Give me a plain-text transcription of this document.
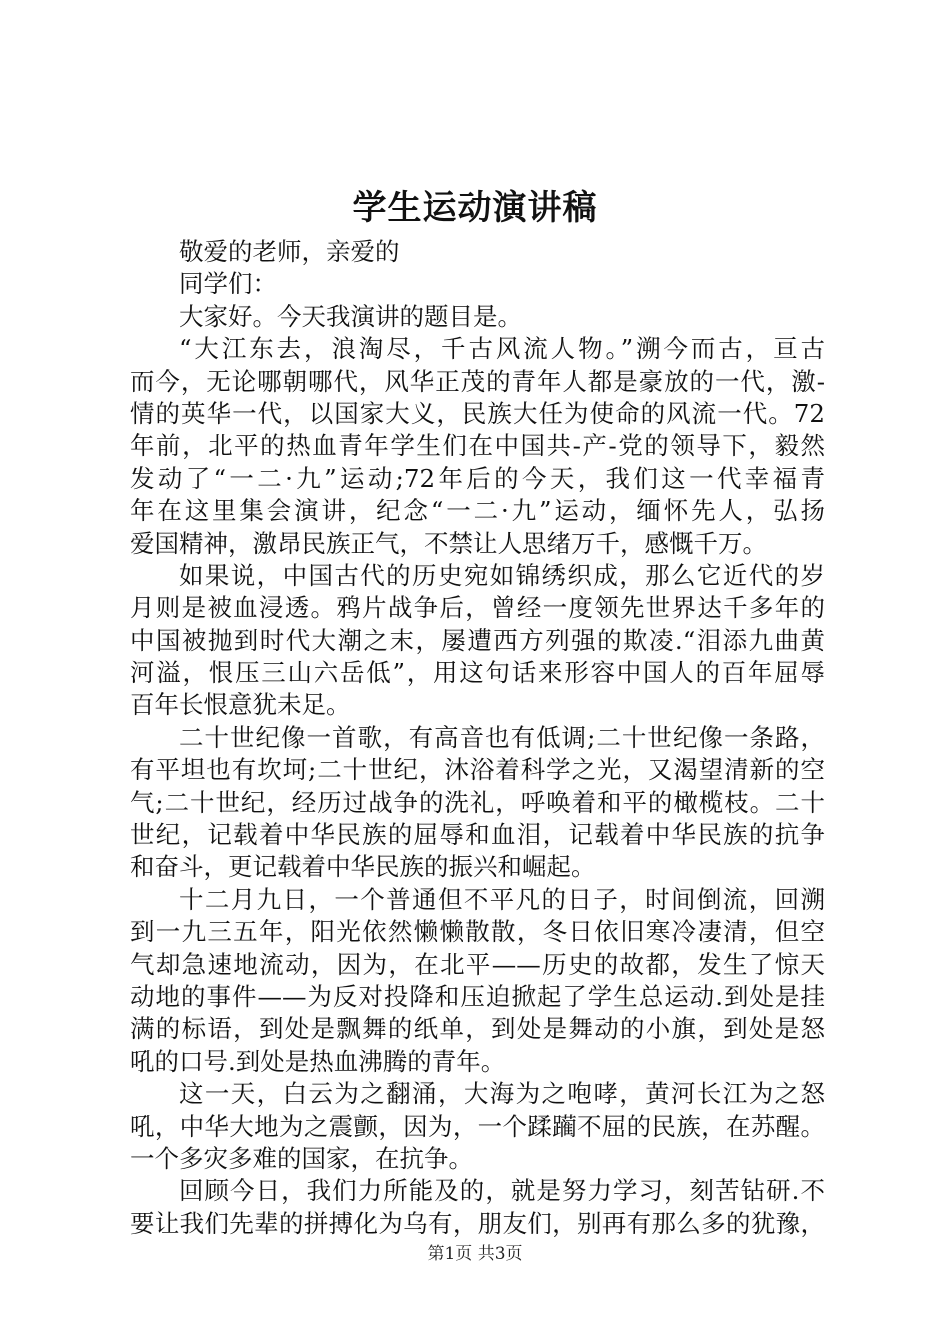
学生运动演讲稿
敬爱的老师，亲爱的
同学们：
大家好。今天我演讲的题目是。
“大江东去，浪淘尽，千古风流人物。”溯今而古，亘古
而今，无论哪朝哪代，风华正茂的青年人都是豪放的一代，激-
情的英华一代，以国家大义，民族大任为使命的风流一代。72
年前，北平的热血青年学生们在中国共-产-党的领导下，毅然
发动了“一二·九”运动;72年后的今天，我们这一代幸福青
年在这里集会演讲，纪念“一二·九”运动，缅怀先人，弘扬
爱国精神，激昂民族正气，不禁让人思绪万千，感慨千万。
如果说，中国古代的历史宛如锦绣织成，那么它近代的岁
月则是被血浸透。鸦片战争后，曾经一度领先世界达千多年的
中国被抛到时代大潮之末，屡遭西方列强的欺凌.“泪添九曲黄
河溢，恨压三山六岳低”，用这句话来形容中国人的百年屈辱
百年长恨意犹未足。
二十世纪像一首歌，有高音也有低调;二十世纪像一条路，
有平坦也有坎坷;二十世纪，沐浴着科学之光，又渴望清新的空
气;二十世纪，经历过战争的洗礼，呼唤着和平的橄榄枝。二十
世纪，记载着中华民族的屈辱和血泪，记载着中华民族的抗争
和奋斗，更记载着中华民族的振兴和崛起。
十二月九日，一个普通但不平凡的日子，时间倒流，回溯
到一九三五年，阳光依然懒懒散散，冬日依旧寒冷凄清，但空
气却急速地流动，因为，在北平——历史的故都，发生了惊天
动地的事件——为反对投降和压迫掀起了学生总运动.到处是挂
满的标语，到处是飘舞的纸单，到处是舞动的小旗，到处是怒
吼的口号.到处是热血沸腾的青年。
这一天，白云为之翻涌，大海为之咆哮，黄河长江为之怒
吼，中华大地为之震颤，因为，一个蹂躏不屈的民族，在苏醒。
一个多灾多难的国家，在抗争。
回顾今日，我们力所能及的，就是努力学习，刻苦钻研.不
要让我们先辈的拼搏化为乌有，朋友们，别再有那么多的犹豫，
第1页 共3页
